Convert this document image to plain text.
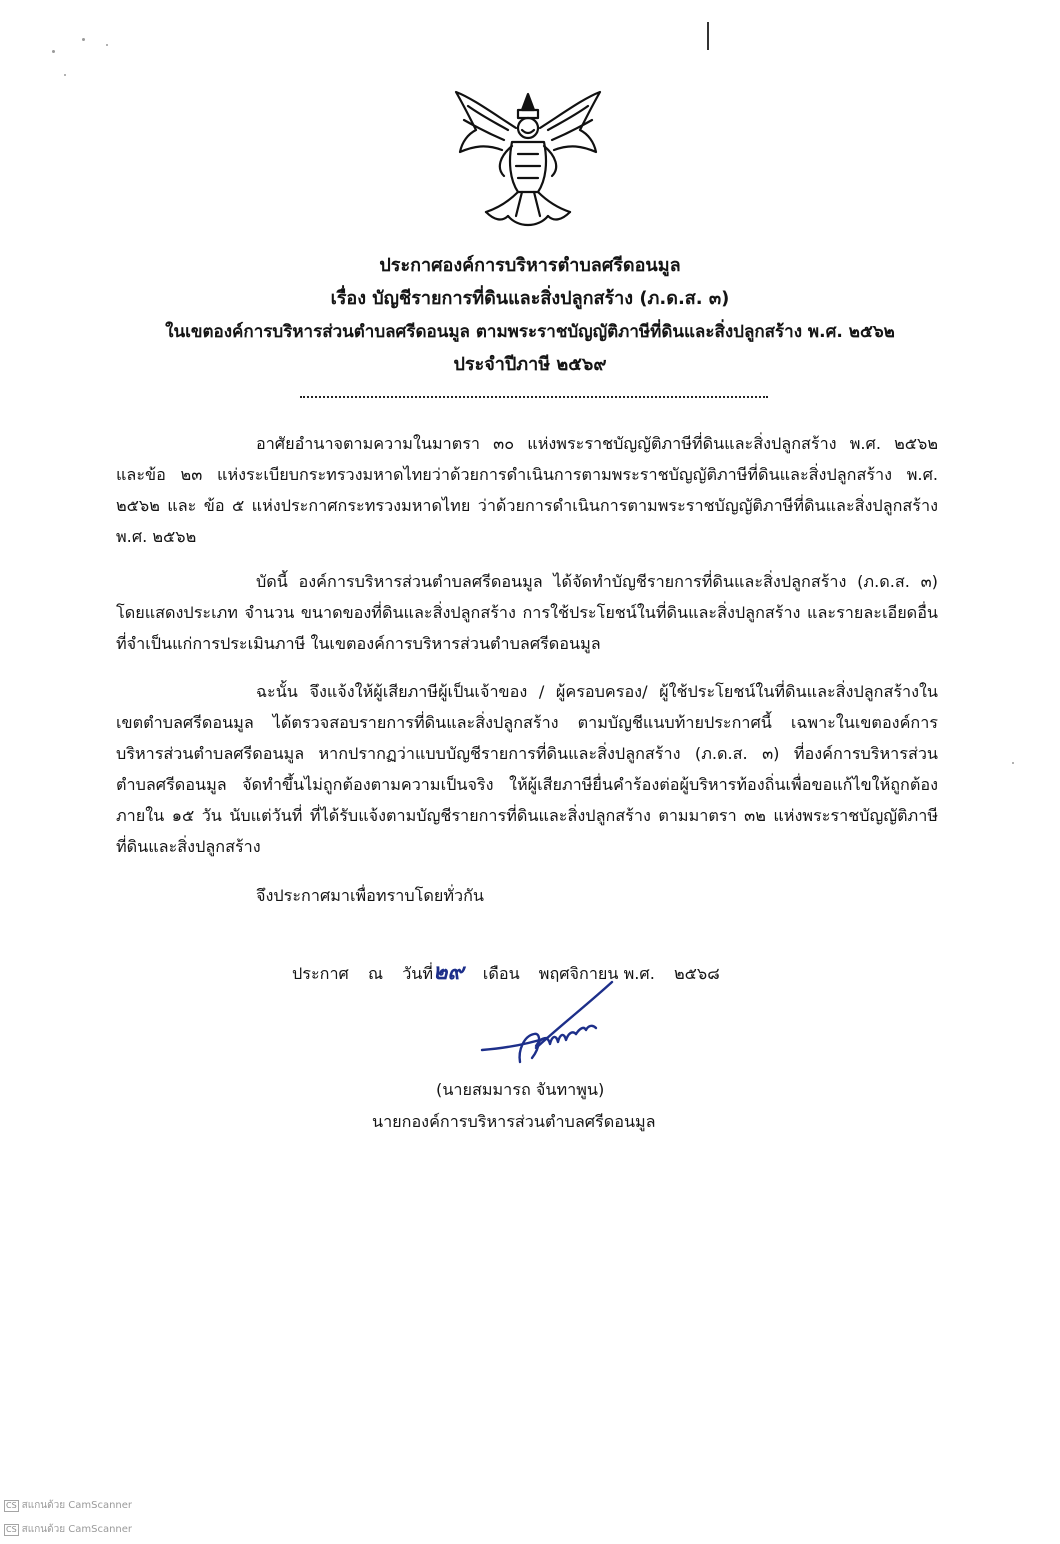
ประกาศองค์การบริหารตำบลศรีดอนมูล
เรื่อง บัญชีรายการที่ดินและสิ่งปลูกสร้าง (ภ.ด.ส. ๓)
ในเขตองค์การบริหารส่วนตำบลศรีดอนมูล ตามพระราชบัญญัติภาษีที่ดินและสิ่งปลูกสร้าง พ.ศ. ๒๕๖๒
ประจำปีภาษี ๒๕๖๙

อาศัยอำนาจตามความในมาตรา ๓๐ แห่งพระราชบัญญัติภาษีที่ดินและสิ่งปลูกสร้าง พ.ศ. ๒๕๖๒ และข้อ ๒๓ แห่งระเบียบกระทรวงมหาดไทยว่าด้วยการดำเนินการตามพระราชบัญญัติภาษีที่ดินและสิ่งปลูกสร้าง พ.ศ. ๒๕๖๒ และ ข้อ ๕ แห่งประกาศกระทรวงมหาดไทย ว่าด้วยการดำเนินการตามพระราชบัญญัติภาษีที่ดินและสิ่งปลูกสร้าง พ.ศ. ๒๕๖๒

บัดนี้ องค์การบริหารส่วนตำบลศรีดอนมูล ได้จัดทำบัญชีรายการที่ดินและสิ่งปลูกสร้าง (ภ.ด.ส. ๓) โดยแสดงประเภท จำนวน ขนาดของที่ดินและสิ่งปลูกสร้าง การใช้ประโยชน์ในที่ดินและสิ่งปลูกสร้าง และรายละเอียดอื่นที่จำเป็นแก่การประเมินภาษี ในเขตองค์การบริหารส่วนตำบลศรีดอนมูล

ฉะนั้น จึงแจ้งให้ผู้เสียภาษีผู้เป็นเจ้าของ / ผู้ครอบครอง/ ผู้ใช้ประโยชน์ในที่ดินและสิ่งปลูกสร้างในเขตตำบลศรีดอนมูล ได้ตรวจสอบรายการที่ดินและสิ่งปลูกสร้าง ตามบัญชีแนบท้ายประกาศนี้ เฉพาะในเขตองค์การบริหารส่วนตำบลศรีดอนมูล หากปรากฏว่าแบบบัญชีรายการที่ดินและสิ่งปลูกสร้าง (ภ.ด.ส. ๓) ที่องค์การบริหารส่วนตำบลศรีดอนมูล จัดทำขึ้นไม่ถูกต้องตามความเป็นจริง ให้ผู้เสียภาษียื่นคำร้องต่อผู้บริหารท้องถิ่นเพื่อขอแก้ไขให้ถูกต้องภายใน ๑๕ วัน นับแต่วันที่ ที่ได้รับแจ้งตามบัญชีรายการที่ดินและสิ่งปลูกสร้าง ตามมาตรา ๓๒ แห่งพระราชบัญญัติภาษีที่ดินและสิ่งปลูกสร้าง

จึงประกาศมาเพื่อทราบโดยทั่วกัน

ประกาศ ณ วันที่๒๙ เดือน พฤศจิกายน พ.ศ. ๒๕๖๘
(นายสมมารถ จันทาพูน)
นายกองค์การบริหารส่วนตำบลศรีดอนมูล
CS สแกนด้วย CamScanner
CS สแกนด้วย CamScanner
